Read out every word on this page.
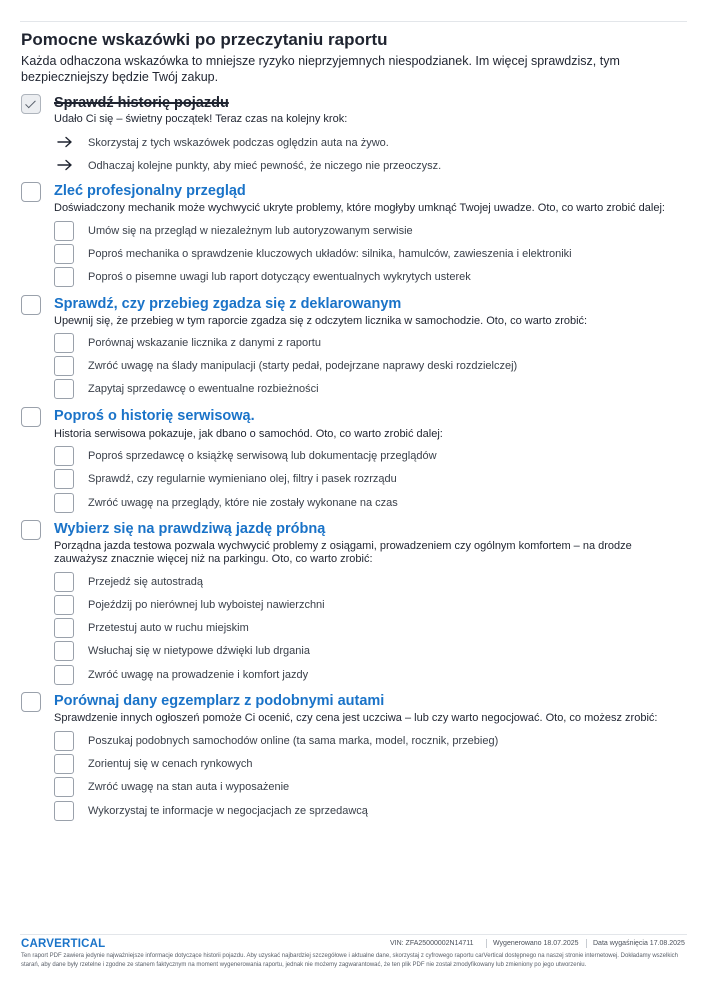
Pomocne wskazówki po przeczytaniu raportu

Każda odhaczona wskazówka to mniejsze ryzyko nieprzyjemnych niespodzianek. Im więcej sprawdzisz, tym bezpieczniejszy będzie Twój zakup.

Sprawdź historię pojazdu
Udało Ci się – świetny początek! Teraz czas na kolejny krok:
Skorzystaj z tych wskazówek podczas oględzin auta na żywo.
Odhaczaj kolejne punkty, aby mieć pewność, że niczego nie przeoczysz.
Zleć profesjonalny przegląd
Doświadczony mechanik może wychwycić ukryte problemy, które mogłyby umknąć Twojej uwadze. Oto, co warto zrobić dalej:
Umów się na przegląd w niezależnym lub autoryzowanym serwisie
Poproś mechanika o sprawdzenie kluczowych układów: silnika, hamulców, zawieszenia i elektroniki
Poproś o pisemne uwagi lub raport dotyczący ewentualnych wykrytych usterek
Sprawdź, czy przebieg zgadza się z deklarowanym
Upewnij się, że przebieg w tym raporcie zgadza się z odczytem licznika w samochodzie. Oto, co warto zrobić:
Porównaj wskazanie licznika z danymi z raportu
Zwróć uwagę na ślady manipulacji (starty pedał, podejrzane naprawy deski rozdzielczej)
Zapytaj sprzedawcę o ewentualne rozbieżności
Poproś o historię serwisową.
Historia serwisowa pokazuje, jak dbano o samochód. Oto, co warto zrobić dalej:
Poproś sprzedawcę o książkę serwisową lub dokumentację przeglądów
Sprawdź, czy regularnie wymieniano olej, filtry i pasek rozrządu
Zwróć uwagę na przeglądy, które nie zostały wykonane na czas
Wybierz się na prawdziwą jazdę próbną
Porządna jazda testowa pozwala wychwycić problemy z osiągami, prowadzeniem czy ogólnym komfortem – na drodze zauważysz znacznie więcej niż na parkingu. Oto, co warto zrobić:
Przejedź się autostradą
Pojeździj po nierównej lub wyboistej nawierzchni
Przetestuj auto w ruchu miejskim
Wsłuchaj się w nietypowe dźwięki lub drgania
Zwróć uwagę na prowadzenie i komfort jazdy
Porównaj dany egzemplarz z podobnymi autami
Sprawdzenie innych ogłoszeń pomoże Ci ocenić, czy cena jest uczciwa – lub czy warto negocjować. Oto, co możesz zrobić:
Poszukaj podobnych samochodów online (ta sama marka, model, rocznik, przebieg)
Zorientuj się w cenach rynkowych
Zwróć uwagę na stan auta i wyposażenie
Wykorzystaj te informacje w negocjacjach ze sprzedawcą
CARVERTICAL	VIN: ZFA25000002N14711	Wygenerowano 18.07.2025 Data wygaśnięcia 17.08.2025

Ten raport PDF zawiera jedynie najważniejsze informacje dotyczące historii pojazdu. Aby uzyskać najbardziej szczegółowe i aktualne dane, skorzystaj z cyfrowego raportu carVertical dostępnego na naszej stronie internetowej. Dokładamy wszelkich starań, aby dane były rzetelne i zgodne ze stanem faktycznym na moment wygenerowania raportu, jednak nie możemy zagwarantować, że ten plik PDF nie został zmodyfikowany lub zmieniony po jego utworzeniu.
